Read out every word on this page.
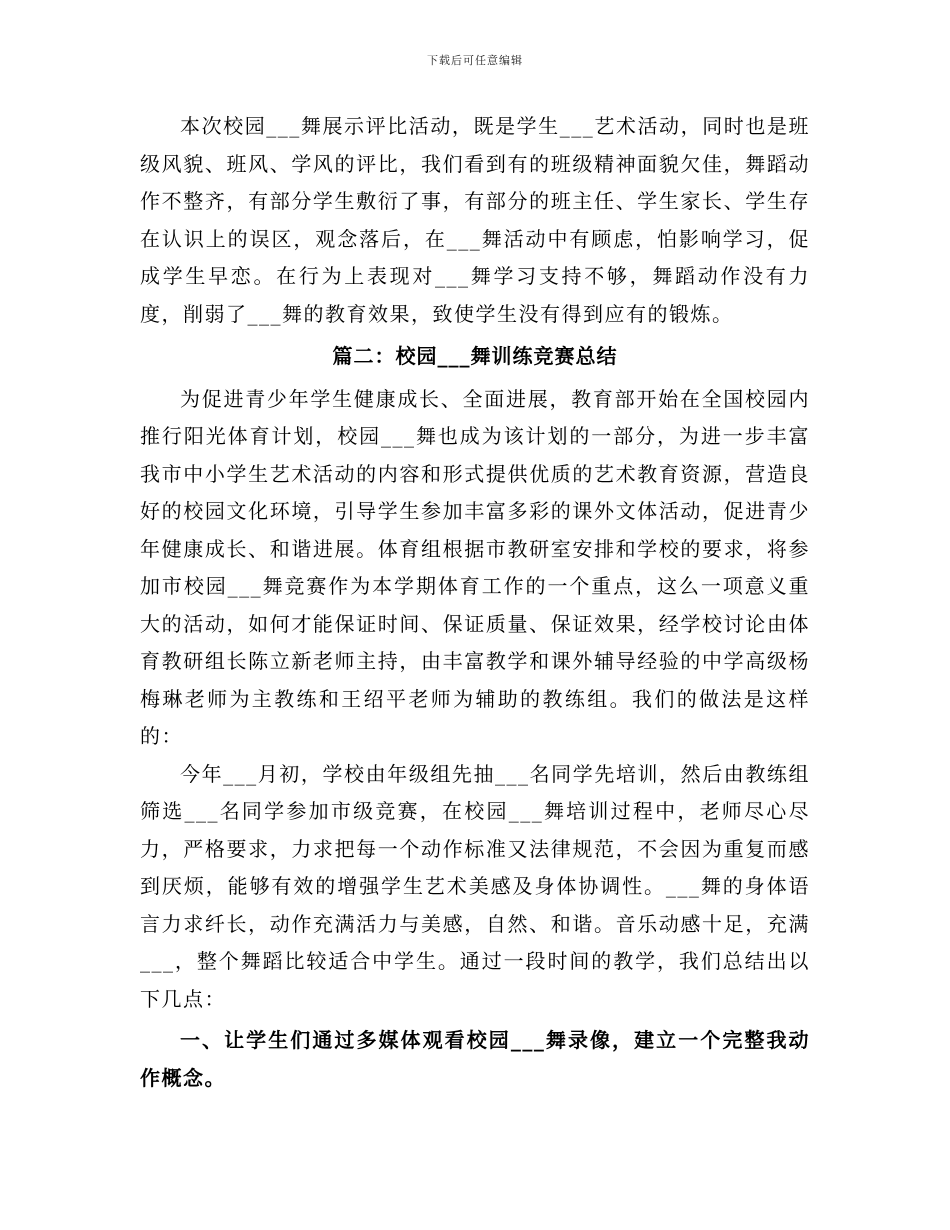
下载后可任意编辑

本次校园___舞展示评比活动，既是学生___艺术活动，同时也是班级风貌、班风、学风的评比，我们看到有的班级精神面貌欠佳，舞蹈动作不整齐，有部分学生敷衍了事，有部分的班主任、学生家长、学生存在认识上的误区，观念落后，在___舞活动中有顾虑，怕影响学习，促成学生早恋。在行为上表现对___舞学习支持不够，舞蹈动作没有力度，削弱了___舞的教育效果，致使学生没有得到应有的锻炼。

篇二：校园___舞训练竞赛总结

为促进青少年学生健康成长、全面进展，教育部开始在全国校园内推行阳光体育计划，校园___舞也成为该计划的一部分，为进一步丰富我市中小学生艺术活动的内容和形式提供优质的艺术教育资源，营造良好的校园文化环境，引导学生参加丰富多彩的课外文体活动，促进青少年健康成长、和谐进展。体育组根据市教研室安排和学校的要求，将参加市校园___舞竞赛作为本学期体育工作的一个重点，这么一项意义重大的活动，如何才能保证时间、保证质量、保证效果，经学校讨论由体育教研组长陈立新老师主持，由丰富教学和课外辅导经验的中学高级杨梅琳老师为主教练和王绍平老师为辅助的教练组。我们的做法是这样的：

今年___月初，学校由年级组先抽___名同学先培训，然后由教练组筛选___名同学参加市级竞赛，在校园___舞培训过程中，老师尽心尽力，严格要求，力求把每一个动作标准又法律规范，不会因为重复而感到厌烦，能够有效的增强学生艺术美感及身体协调性。___舞的身体语言力求纤长，动作充满活力与美感，自然、和谐。音乐动感十足，充满___，整个舞蹈比较适合中学生。通过一段时间的教学，我们总结出以下几点：

一、让学生们通过多媒体观看校园___舞录像，建立一个完整我动作概念。
